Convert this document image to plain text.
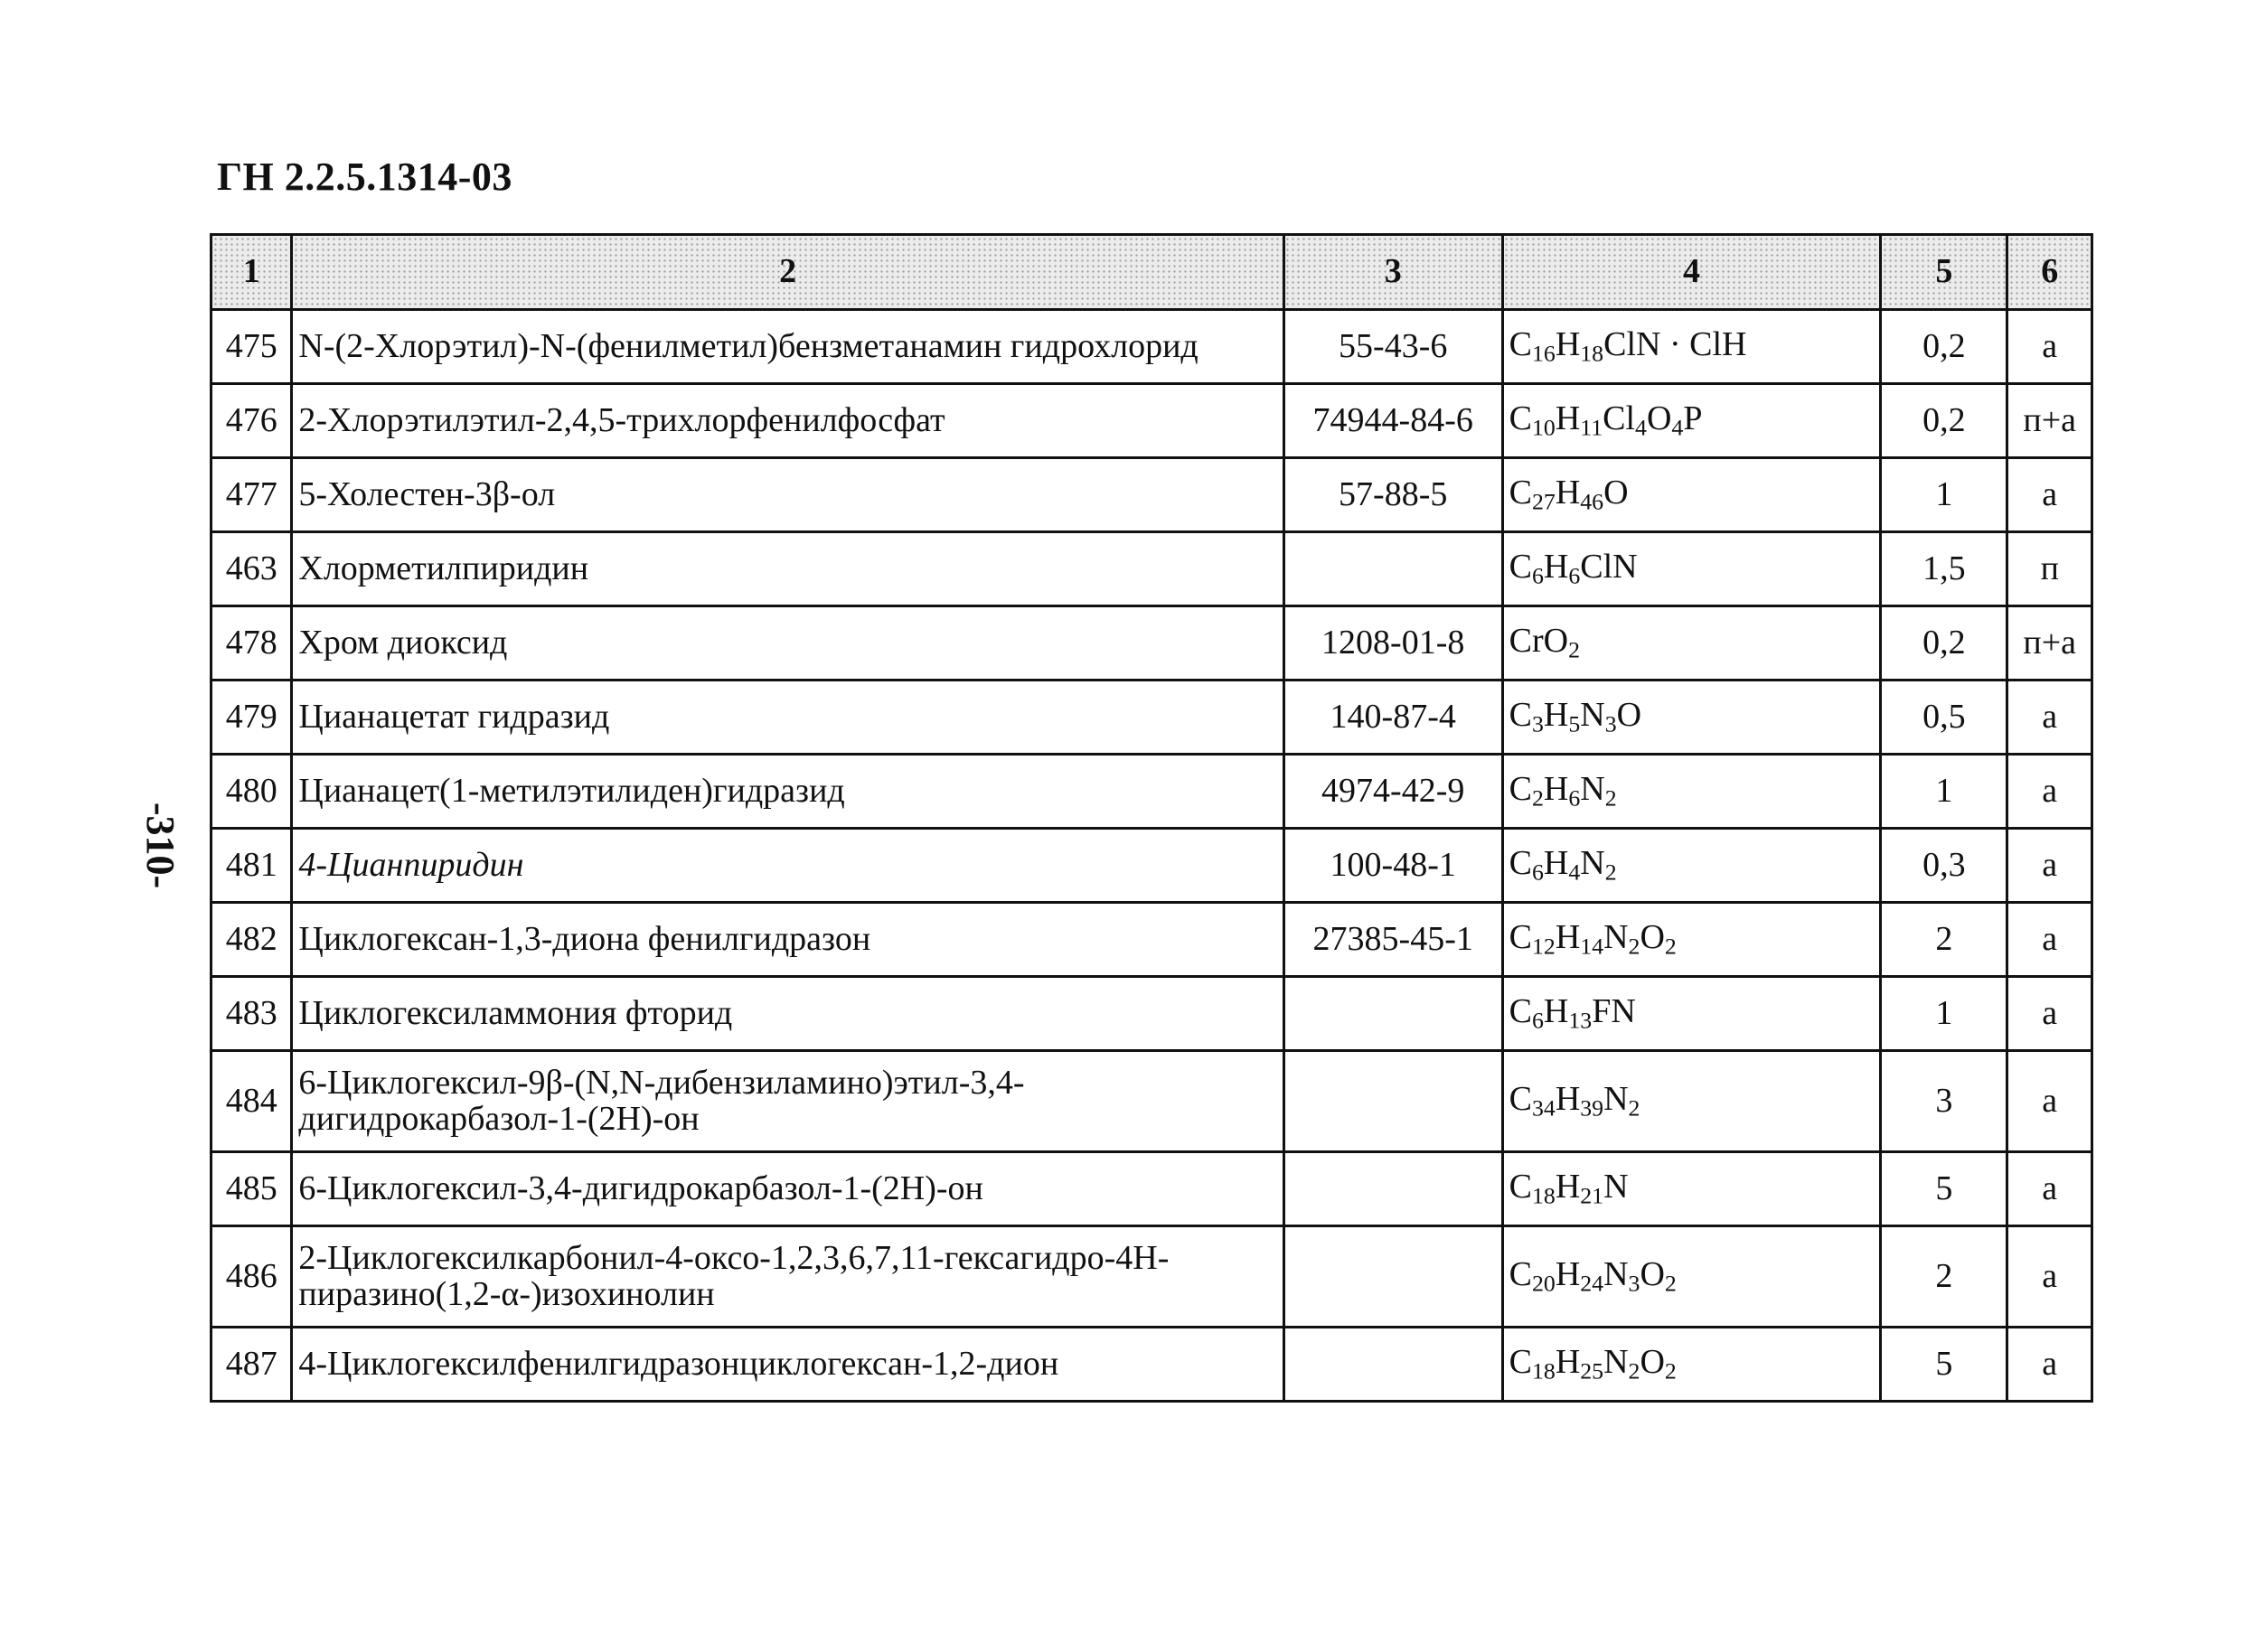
ГН 2.2.5.1314-03
-310-
1	2	3	4	5	6
475	N-(2-Хлорэтил)-N-(фенилметил)бензметанамин гидрохлорид	55-43-6	$C_{16}H_{18}ClN$ · ClH	0,2	а
476	2-Хлорэтилэтил-2,4,5-трихлорфенилфосфат	74944-84-6	$C_{10}H_{11}Cl_4O_4P$	0,2	п+а
477	5-Холестен-3β-ол	57-88-5	$C_{27}H_{46}O$	1	а
463	Хлорметилпиридин		$C_6H_6ClN$	1,5	п
478	Хром диоксид	1208-01-8	CrO$_2$	0,2	п+а
479	Цианацетат гидразид	140-87-4	$C_3H_5N_3O$	0,5	а
480	Цианацет(1-метилэтилиден)гидразид	4974-42-9	$C_2H_6N_2$	1	а
481	4-Цианпиридин	100-48-1	$C_6H_4N_2$	0,3	а
482	Циклогексан-1,3-диона фенилгидразон	27385-45-1	$C_{12}H_{14}N_2O_2$	2	а
483	Циклогексиламмония фторид		$C_6H_{13}FN$	1	а
484	6-Циклогексил-9β-(N,N-дибензиламино)этил-3,4-дигидрокарбазол-1-(2Н)-он		$C_{34}H_{39}N_2$	3	а
485	6-Циклогексил-3,4-дигидрокарбазол-1-(2Н)-он		$C_{18}H_{21}N$	5	а
486	2-Циклогексилкарбонил-4-оксо-1,2,3,6,7,11-гексагидро-4Н-пиразино(1,2-α-)изохинолин		$C_{20}H_{24}N_3O_2$	2	а
487	4-Циклогексилфенилгидразонциклогексан-1,2-дион		$C_{18}H_{25}N_2O_2$	5	а
